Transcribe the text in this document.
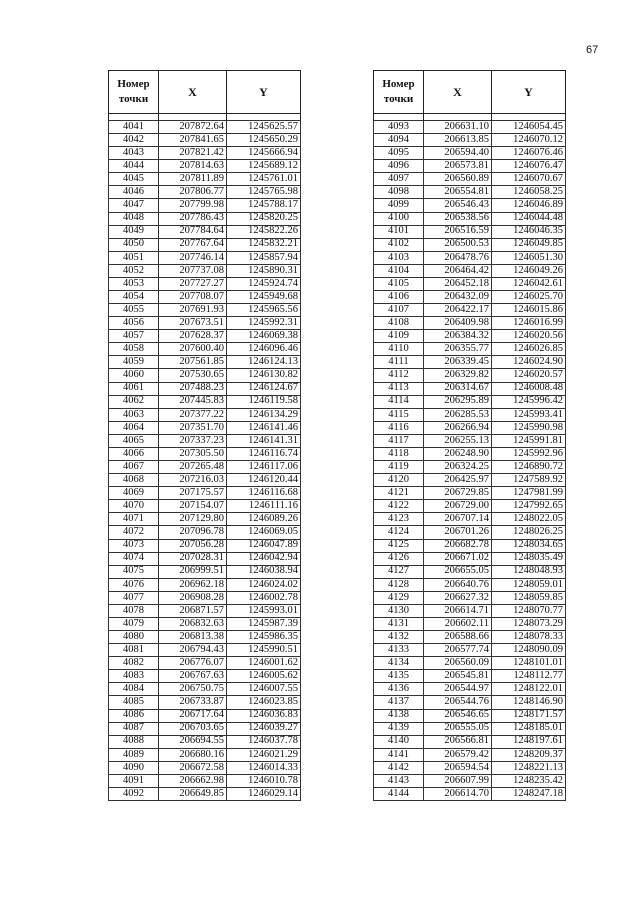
67
Номер точки	X	Y

4041	207872.64	1245625.57
4042	207841.65	1245650.29
4043	207821.42	1245666.94
4044	207814.63	1245689.12
4045	207811.89	1245761.01
4046	207806.77	1245765.98
4047	207799.98	1245788.17
4048	207786.43	1245820.25
4049	207784.64	1245822.26
4050	207767.64	1245832.21
4051	207746.14	1245857.94
4052	207737.08	1245890.31
4053	207727.27	1245924.74
4054	207708.07	1245949.68
4055	207691.93	1245965.56
4056	207673.51	1245992.31
4057	207628.37	1246069.38
4058	207600.40	1246096.46
4059	207561.85	1246124.13
4060	207530.65	1246130.82
4061	207488.23	1246124.67
4062	207445.83	1246119.58
4063	207377.22	1246134.29
4064	207351.70	1246141.46
4065	207337.23	1246141.31
4066	207305.50	1246116.74
4067	207265.48	1246117.06
4068	207216.03	1246120.44
4069	207175.57	1246116.68
4070	207154.07	1246111.16
4071	207129.80	1246089.26
4072	207096.78	1246069.05
4073	207056.28	1246047.89
4074	207028.31	1246042.94
4075	206999.51	1246038.94
4076	206962.18	1246024.02
4077	206908.28	1246002.78
4078	206871.57	1245993.01
4079	206832.63	1245987.39
4080	206813.38	1245986.35
4081	206794.43	1245990.51
4082	206776.07	1246001.62
4083	206767.63	1246005.62
4084	206750.75	1246007.55
4085	206733.87	1246023.85
4086	206717.64	1246036.83
4087	206703.65	1246039.27
4088	206694.55	1246037.78
4089	206680.16	1246021.29
4090	206672.58	1246014.33
4091	206662.98	1246010.78
4092	206649.85	1246029.14
Номер точки	X	Y

4093	206631.10	1246054.45
4094	206613.85	1246070.12
4095	206594.40	1246076.46
4096	206573.81	1246076.47
4097	206560.89	1246070.67
4098	206554.81	1246058.25
4099	206546.43	1246046.89
4100	206538.56	1246044.48
4101	206516.59	1246046.35
4102	206500.53	1246049.85
4103	206478.76	1246051.30
4104	206464.42	1246049.26
4105	206452.18	1246042.61
4106	206432.09	1246025.70
4107	206422.17	1246015.86
4108	206409.98	1246016.99
4109	206384.32	1246020.56
4110	206355.77	1246026.85
4111	206339.45	1246024.90
4112	206329.82	1246020.57
4113	206314.67	1246008.48
4114	206295.89	1245996.42
4115	206285.53	1245993.41
4116	206266.94	1245990.98
4117	206255.13	1245991.81
4118	206248.90	1245992.96
4119	206324.25	1246890.72
4120	206425.97	1247589.92
4121	206729.85	1247981.99
4122	206729.00	1247992.65
4123	206707.14	1248022.05
4124	206701.26	1248026.25
4125	206682.78	1248034.65
4126	206671.02	1248035.49
4127	206655.05	1248048.93
4128	206640.76	1248059.01
4129	206627.32	1248059.85
4130	206614.71	1248070.77
4131	206602.11	1248073.29
4132	206588.66	1248078.33
4133	206577.74	1248090.09
4134	206560.09	1248101.01
4135	206545.81	1248112.77
4136	206544.97	1248122.01
4137	206544.76	1248146.90
4138	206546.65	1248171.57
4139	206555.05	1248185.01
4140	206566.81	1248197.61
4141	206579.42	1248209.37
4142	206594.54	1248221.13
4143	206607.99	1248235.42
4144	206614.70	1248247.18
